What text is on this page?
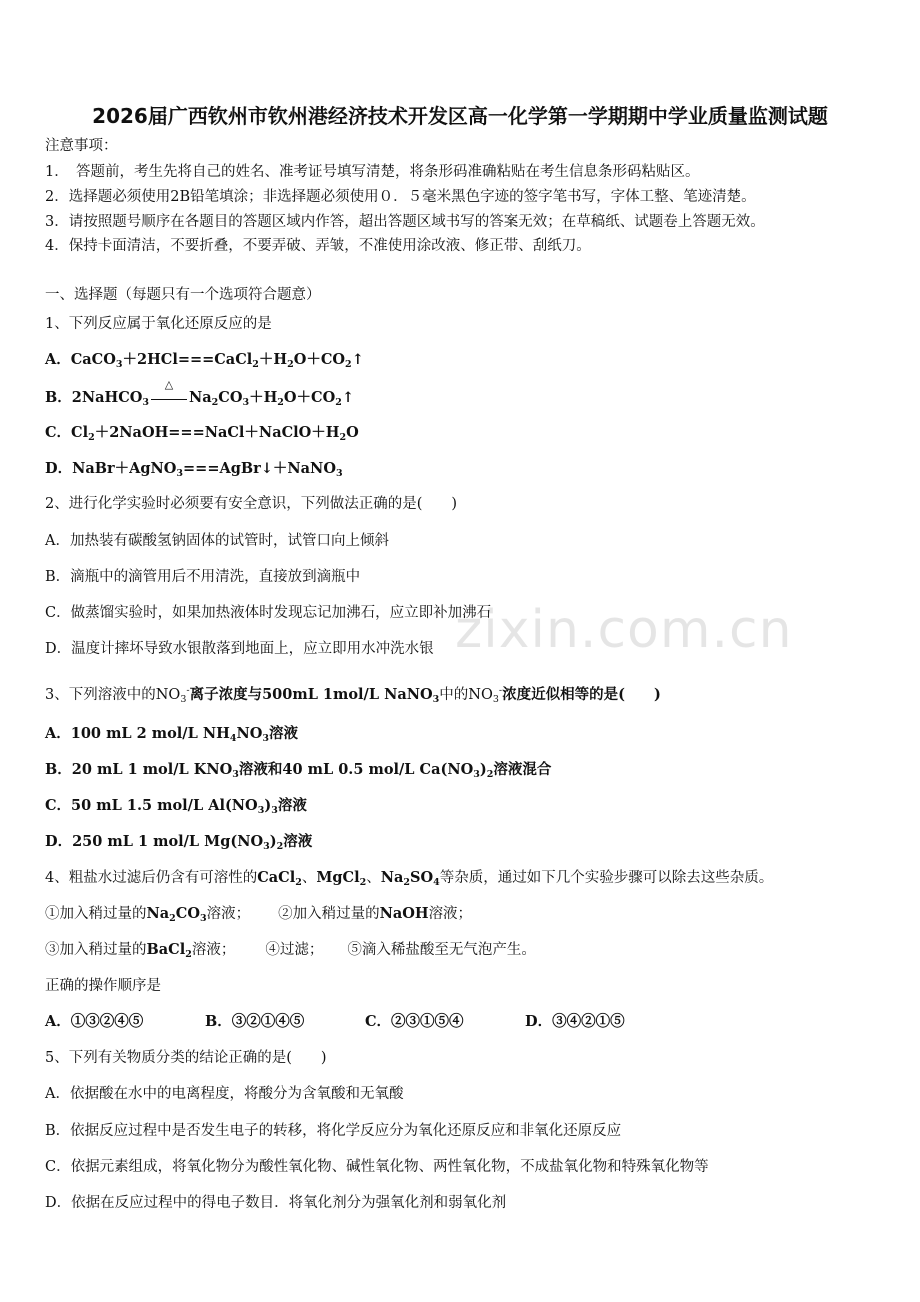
zixin.com.cn
2026届广西钦州市钦州港经济技术开发区高一化学第一学期期中学业质量监测试题
注意事项：
1．　答题前，考生先将自己的姓名、准考证号填写清楚，将条形码准确粘贴在考生信息条形码粘贴区。
2．选择题必须使用2B铅笔填涂；非选择题必须使用０．５毫米黑色字迹的签字笔书写，字体工整、笔迹清楚。
3．请按照题号顺序在各题目的答题区域内作答，超出答题区域书写的答案无效；在草稿纸、试题卷上答题无效。
4．保持卡面清洁，不要折叠，不要弄破、弄皱，不准使用涂改液、修正带、刮纸刀。
一、选择题（每题只有一个选项符合题意）
1、下列反应属于氧化还原反应的是
A．$CaCO_3+2HCl===CaCl_2+H_2O+CO_2↑$
B．2NaHCO$_3$
△
$Na_2CO_3+H_2O+CO_2↑$
C．$Cl_2+2NaOH===NaCl+NaClO+H_2O$
D．NaBr＋AgNO$_3$===AgBr↓＋NaNO$_3$
2、进行化学实验时必须要有安全意识，下列做法正确的是(　　)
A．加热装有碳酸氢钠固体的试管时，试管口向上倾斜
B．滴瓶中的滴管用后不用清洗，直接放到滴瓶中
C．做蒸馏实验时，如果加热液体时发现忘记加沸石，应立即补加沸石
D．温度计摔坏导致水银散落到地面上，应立即用水冲洗水银
3、下列溶液中的$NO_3^-$离子浓度与500mL 1mol/L NaNO$_3$中的$NO_3^-$浓度近似相等的是(　　)
A．100 mL 2 mol/L $NH_4NO_3$溶液
B．20 mL 1 mol/L $KNO_3$溶液和40 mL 0.5 mol/L $Ca(NO_3)_2$溶液混合
C．50 mL 1.5 mol/L $Al(NO_3)_3$溶液
D．250 mL 1 mol/L $Mg(NO_3)_2$溶液
4、粗盐水过滤后仍含有可溶性的CaCl$_2$、MgCl$_2$、$Na_2SO_4$等杂质，通过如下几个实验步骤可以除去这些杂质。
①加入稍过量的$Na_2CO_3$溶液； ②加入稍过量的NaOH溶液；
③加入稍过量的BaCl$_2$溶液； ④过滤； ⑤滴入稀盐酸至无气泡产生。
正确的操作顺序是
A．①③②④⑤	B．③②①④⑤	C．②③①⑤④	D．③④②①⑤
5、下列有关物质分类的结论正确的是(　　)
A．依据酸在水中的电离程度，将酸分为含氧酸和无氧酸
B．依据反应过程中是否发生电子的转移，将化学反应分为氧化还原反应和非氧化还原反应
C．依据元素组成，将氧化物分为酸性氧化物、碱性氧化物、两性氧化物，不成盐氧化物和特殊氧化物等
D．依据在反应过程中的得电子数目．将氧化剂分为强氧化剂和弱氧化剂
